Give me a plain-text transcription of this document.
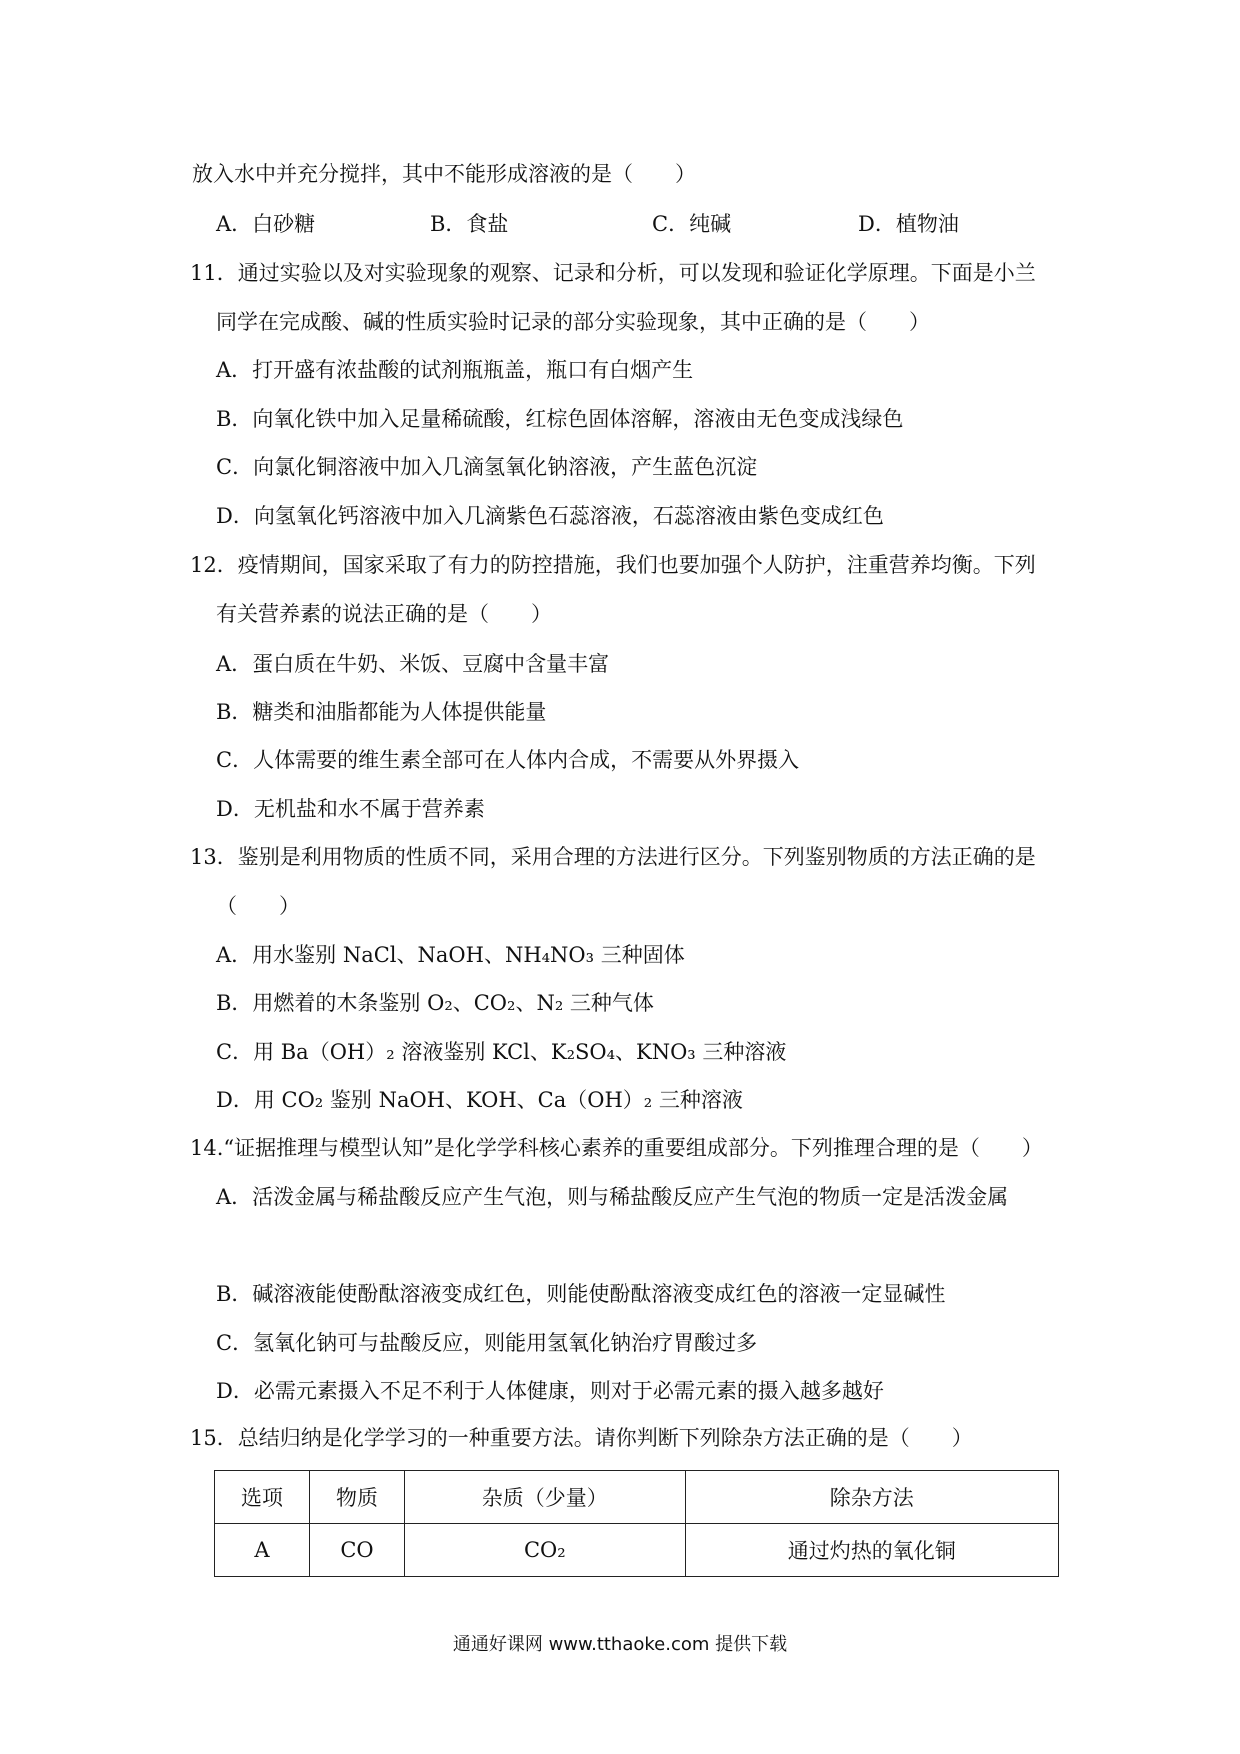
放入水中并充分搅拌，其中不能形成溶液的是（　　）
A．白砂糖	B．食盐	C．纯碱	D．植物油
11．通过实验以及对实验现象的观察、记录和分析，可以发现和验证化学原理。下面是小兰
同学在完成酸、碱的性质实验时记录的部分实验现象，其中正确的是（　　）
A．打开盛有浓盐酸的试剂瓶瓶盖，瓶口有白烟产生
B．向氧化铁中加入足量稀硫酸，红棕色固体溶解，溶液由无色变成浅绿色
C．向氯化铜溶液中加入几滴氢氧化钠溶液，产生蓝色沉淀
D．向氢氧化钙溶液中加入几滴紫色石蕊溶液，石蕊溶液由紫色变成红色
12．疫情期间，国家采取了有力的防控措施，我们也要加强个人防护，注重营养均衡。下列
有关营养素的说法正确的是（　　）
A．蛋白质在牛奶、米饭、豆腐中含量丰富
B．糖类和油脂都能为人体提供能量
C．人体需要的维生素全部可在人体内合成，不需要从外界摄入
D．无机盐和水不属于营养素
13．鉴别是利用物质的性质不同，采用合理的方法进行区分。下列鉴别物质的方法正确的是
（　　）
A．用水鉴别 NaCl、NaOH、NH₄NO₃ 三种固体
B．用燃着的木条鉴别 O₂、CO₂、N₂ 三种气体
C．用 Ba（OH）₂ 溶液鉴别 KCl、K₂SO₄、KNO₃ 三种溶液
D．用 CO₂ 鉴别 NaOH、KOH、Ca（OH）₂ 三种溶液
14.“证据推理与模型认知”是化学学科核心素养的重要组成部分。下列推理合理的是（　　）
A．活泼金属与稀盐酸反应产生气泡，则与稀盐酸反应产生气泡的物质一定是活泼金属
B．碱溶液能使酚酞溶液变成红色，则能使酚酞溶液变成红色的溶液一定显碱性
C．氢氧化钠可与盐酸反应，则能用氢氧化钠治疗胃酸过多
D．必需元素摄入不足不利于人体健康，则对于必需元素的摄入越多越好
15．总结归纳是化学学习的一种重要方法。请你判断下列除杂方法正确的是（　　）
选项	物质	杂质（少量）	除杂方法
A	CO	CO₂	通过灼热的氧化铜
通通好课网 www.tthaoke.com 提供下载
